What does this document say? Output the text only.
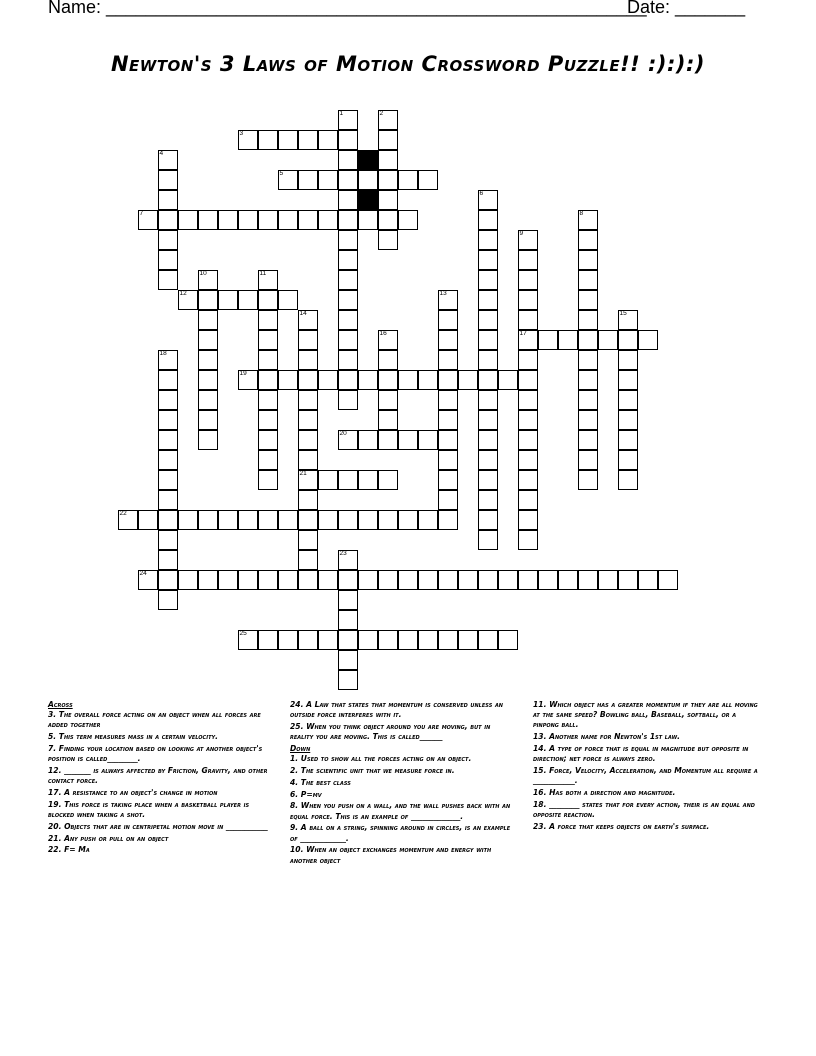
Name: ______________________________________________________
Date: _______
Newton's 3 Laws of Motion Crossword Puzzle!! :):):)
3
5
7
12
17
19
20
21
22
24
25
1	2
4
6
8
9
10	11
13
14	15
16
18
23

Across

3. The overall force acting on an object when all forces are added together

5. This term measures mass in a certain velocity.

7. Finding your location based on looking at another object's position is called________.

12. _______ is always affected by Friction, Gravity, and other contact force.

17. A resistance to an object's change in motion

19. This force is taking place when a basketball player is blocked when taking a shot.

20. Objects that are in centripetal motion move in ___________

21. Any push or pull on an object

22. F= Ma

24. A Law that states that momentum is conserved unless an outside force interferes with it.

25. When you think object around you are moving, but in reality you are moving. This is called______

Down

1. Used to show all the forces acting on an object.

2. The scientific unit that we measure force in.

4. The best class

6. P=mv

8. When you push on a wall, and the wall pushes back with an equal force. This is an example of _____________.

9. A ball on a string, spinning around in circles, is an example of ____________.

10. When an object exchanges momentum and energy with another object

11. Which object has a greater momentum if they are all moving at the same speed? Bowling ball, Baseball, softball, or a pinpong ball.

13. Another name for Newton's 1st law.

14. A type of force that is equal in magnitude but opposite in direction; net force is always zero.

15. Force, Velocity, Acceleration, and Momentum all require a ___________.

16. Has both a direction and magnitude.

18. ________ states that for every action, their is an equal and opposite reaction.

23. A force that keeps objects on earth's surface.
